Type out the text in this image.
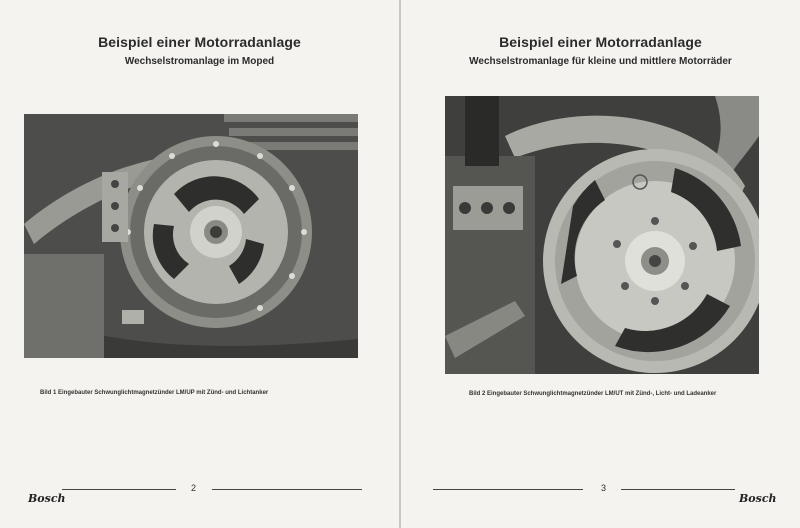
Beispiel einer Motorradanlage
Wechselstromanlage im Moped
Bild 1 Eingebauter Schwunglichtmagnetzünder LM/UP mit Zünd- und Lichtanker
2
Bosch
Beispiel einer Motorradanlage
Wechselstromanlage für kleine und mittlere Motorräder
Bild 2 Eingebauter Schwunglichtmagnetzünder LM/UT mit Zünd-, Licht- und Ladeanker
3
Bosch
